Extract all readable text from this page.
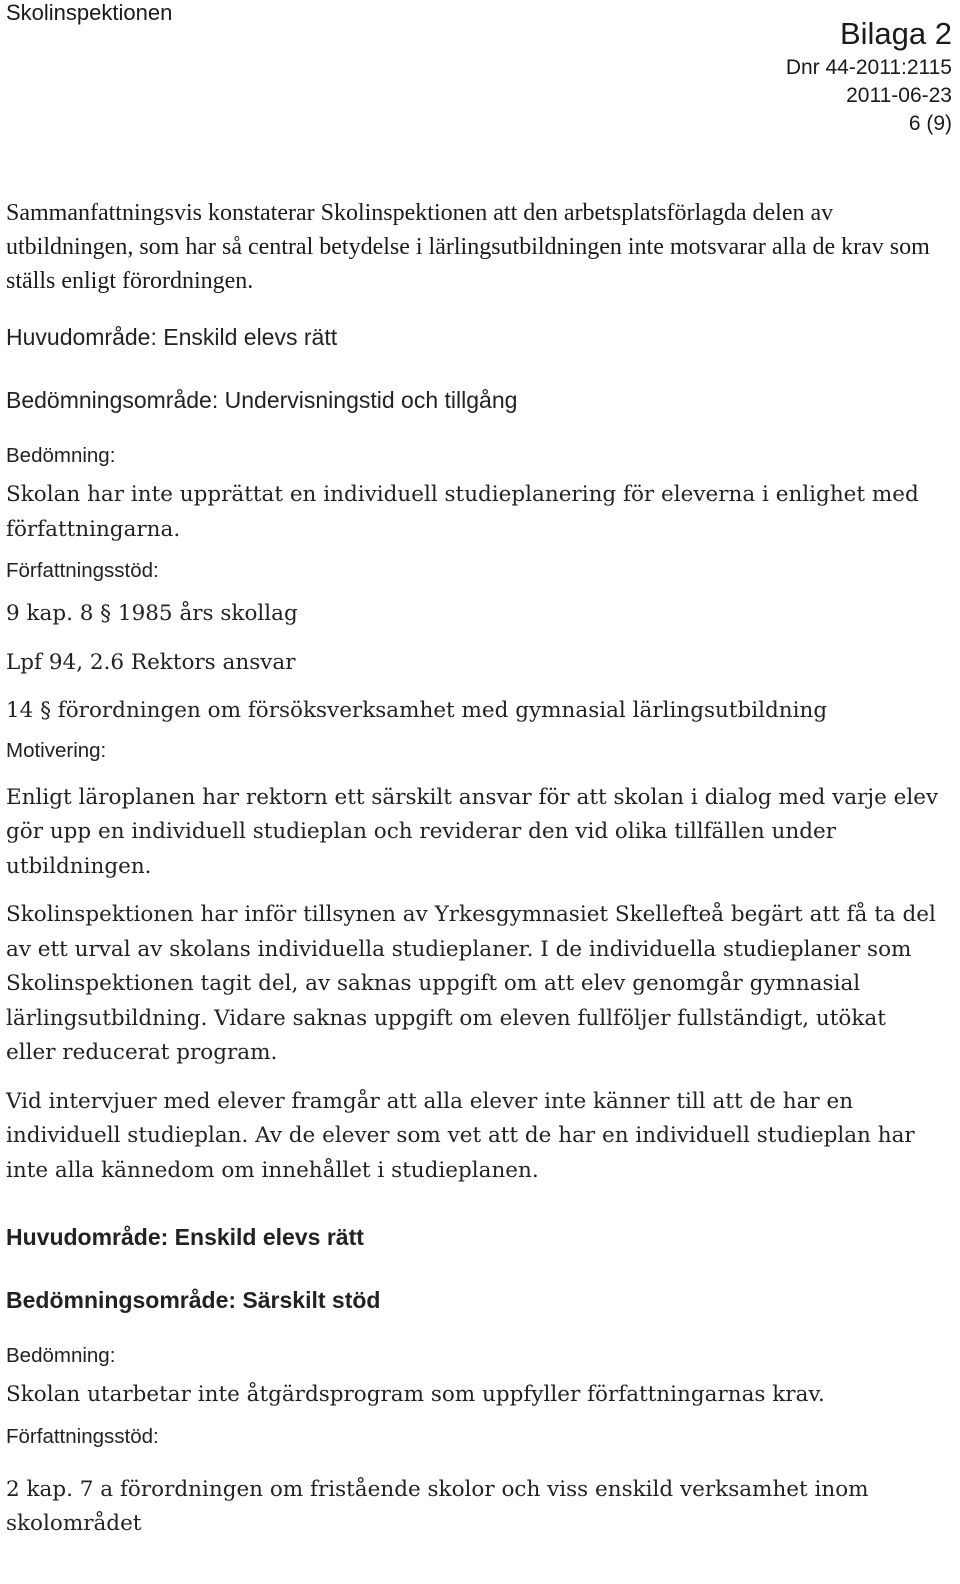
Skolinspektionen
Bilaga 2
Dnr 44-2011:2115
2011-06-23
6 (9)

Sammanfattningsvis konstaterar Skolinspektionen att den arbetsplatsförlagda delen av utbildningen, som har så central betydelse i lärlingsutbildningen inte motsvarar alla de krav som ställs enligt förordningen.

Huvudområde: Enskild elevs rätt
Bedömningsområde: Undervisningstid och tillgång
Bedömning:

Skolan har inte upprättat en individuell studieplanering för eleverna i enlighet med författningarna.

Författningsstöd:

9 kap. 8 § 1985 års skollag

Lpf 94, 2.6 Rektors ansvar

14 § förordningen om försöksverksamhet med gymnasial lärlingsutbildning

Motivering:

Enligt läroplanen har rektorn ett särskilt ansvar för att skolan i dialog med varje elev gör upp en individuell studieplan och reviderar den vid olika tillfällen under utbildningen.

Skolinspektionen har inför tillsynen av Yrkesgymnasiet Skellefteå begärt att få ta del av ett urval av skolans individuella studieplaner. I de individuella studieplaner som Skolinspektionen tagit del, av saknas uppgift om att elev genomgår gymnasial lärlingsutbildning. Vidare saknas uppgift om eleven fullföljer fullständigt, utökat eller reducerat program.

Vid intervjuer med elever framgår att alla elever inte känner till att de har en individuell studieplan. Av de elever som vet att de har en individuell studieplan har inte alla kännedom om innehållet i studieplanen.

Huvudområde: Enskild elevs rätt
Bedömningsområde: Särskilt stöd
Bedömning:

Skolan utarbetar inte åtgärdsprogram som uppfyller författningarnas krav.

Författningsstöd:

2 kap. 7 a förordningen om fristående skolor och viss enskild verksamhet inom skolområdet
